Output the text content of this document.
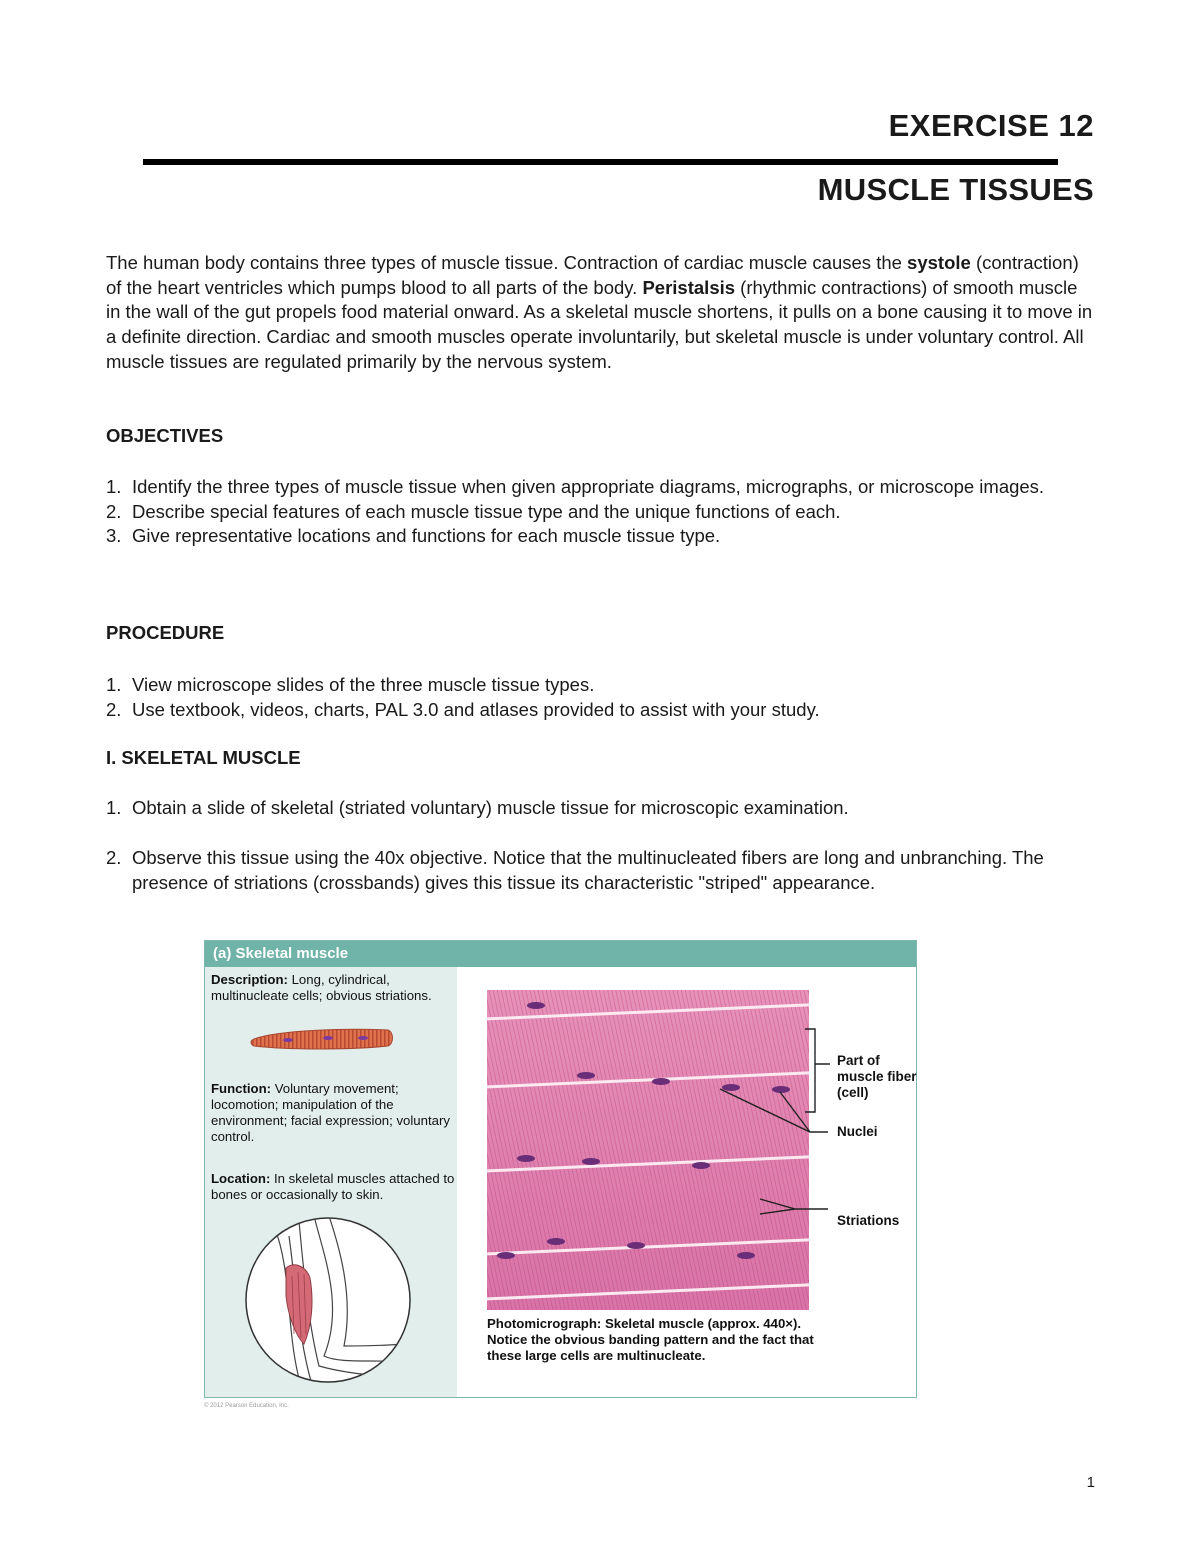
EXERCISE 12
MUSCLE TISSUES
The human body contains three types of muscle tissue. Contraction of cardiac muscle causes the systole (contraction) of the heart ventricles which pumps blood to all parts of the body. Peristalsis (rhythmic contractions) of smooth muscle in the wall of the gut propels food material onward. As a skeletal muscle shortens, it pulls on a bone causing it to move in a definite direction. Cardiac and smooth muscles operate involuntarily, but skeletal muscle is under voluntary control. All muscle tissues are regulated primarily by the nervous system.
OBJECTIVES
1. Identify the three types of muscle tissue when given appropriate diagrams, micrographs, or microscope images.
2. Describe special features of each muscle tissue type and the unique functions of each.
3. Give representative locations and functions for each muscle tissue type.
PROCEDURE
1. View microscope slides of the three muscle tissue types.
2. Use textbook, videos, charts, PAL 3.0 and atlases provided to assist with your study.
I. SKELETAL MUSCLE
1. Obtain a slide of skeletal (striated voluntary) muscle tissue for microscopic examination.
2. Observe this tissue using the 40x objective. Notice that the multinucleated fibers are long and unbranching. The presence of striations (crossbands) gives this tissue its characteristic "striped" appearance.
(a) Skeletal muscle
Description: Long, cylindrical, multinucleate cells; obvious striations.
Function: Voluntary movement; locomotion; manipulation of the environment; facial expression; voluntary control.
Location: In skeletal muscles attached to bones or occasionally to skin.
Part of muscle fiber (cell)
Nuclei
Striations
Photomicrograph: Skeletal muscle (approx. 440×). Notice the obvious banding pattern and the fact that these large cells are multinucleate.
© 2012 Pearson Education, Inc.
1
